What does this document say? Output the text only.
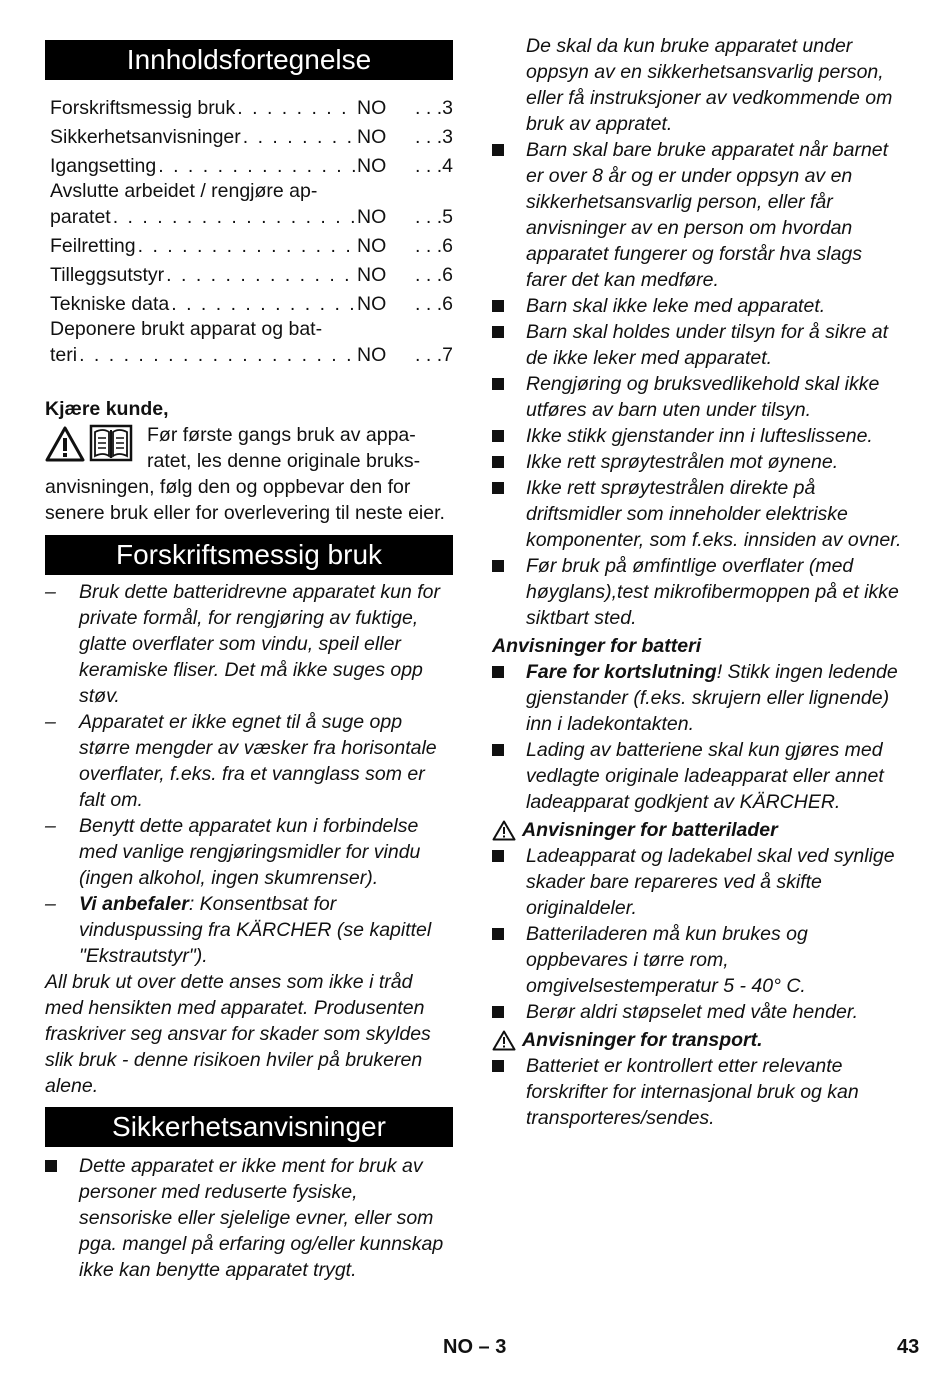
Innholdsfortegnelse
Forskriftsmessig bruk . . .	NO . . .3
Sikkerhetsanvisninger . . .	NO . . .3
Igangsetting . . .	NO . . .4
Avslutte arbeidet / rengjøre ap-
paratet . . .	NO . . .5
Feilretting . . .	NO . . .6
Tilleggsutstyr . . .	NO . . .6
Tekniske data . . .	NO . . .6
Deponere brukt apparat og bat-
teri . . .	NO . . .7
Kjære kunde,
Før første gangs bruk av appa-
ratet, les denne originale bruks-
anvisningen, følg den og oppbevar den for senere bruk eller for overlevering til neste eier.
Forskriftsmessig bruk
– Bruk dette batteridrevne apparatet kun for private formål, for rengjøring av fuktige, glatte overflater som vindu, speil eller keramiske fliser. Det må ikke suges opp støv.
– Apparatet er ikke egnet til å suge opp større mengder av væsker fra horisontale overflater, f.eks. fra et vannglass som er falt om.
– Benytt dette apparatet kun i forbindelse med vanlige rengjøringsmidler for vindu (ingen alkohol, ingen skumrenser).
– Vi anbefaler: Konsentbsat for vinduspussing fra KÄRCHER (se kapittel "Ekstrautstyr").
All bruk ut over dette anses som ikke i tråd med hensikten med apparatet. Produsenten fraskriver seg ansvar for skader som skyldes slik bruk - denne risikoen hviler på brukeren alene.
Sikkerhetsanvisninger
Dette apparatet er ikke ment for bruk av personer med reduserte fysiske, sensoriske eller sjelelige evner, eller som pga. mangel på erfaring og/eller kunnskap ikke kan benytte apparatet trygt.
De skal da kun bruke apparatet under oppsyn av en sikkerhetsansvarlig person, eller få instruksjoner av vedkommende om bruk av appratet.
Barn skal bare bruke apparatet når barnet er over 8 år og er under oppsyn av en sikkerhetsansvarlig person, eller får anvisninger av en person om hvordan apparatet fungerer og forstår hva slags farer det kan medføre.
Barn skal ikke leke med apparatet.
Barn skal holdes under tilsyn for å sikre at de ikke leker med apparatet.
Rengjøring og bruksvedlikehold skal ikke utføres av barn uten under tilsyn.
Ikke stikk gjenstander inn i lufteslissene.
Ikke rett sprøytestrålen mot øynene.
Ikke rett sprøytestrålen direkte på driftsmidler som inneholder elektriske komponenter, som f.eks. innsiden av ovner.
Før bruk på ømfintlige overflater (med høyglans),test mikrofibermoppen på et ikke siktbart sted.
Anvisninger for batteri
Fare for kortslutning! Stikk ingen ledende gjenstander (f.eks. skrujern eller lignende) inn i ladekontakten.
Lading av batteriene skal kun gjøres med vedlagte originale ladeapparat eller annet ladeapparat godkjent av KÄRCHER.
Anvisninger for batterilader
Ladeapparat og ladekabel skal ved synlige skader bare repareres ved å skifte originaldeler.
Batteriladeren må kun brukes og oppbevares i tørre rom, omgivelsestemperatur 5 - 40° C.
Berør aldri støpselet med våte hender.
Anvisninger for transport.
Batteriet er kontrollert etter relevante forskrifter for internasjonal bruk og kan transporteres/sendes.
NO – 3	43
